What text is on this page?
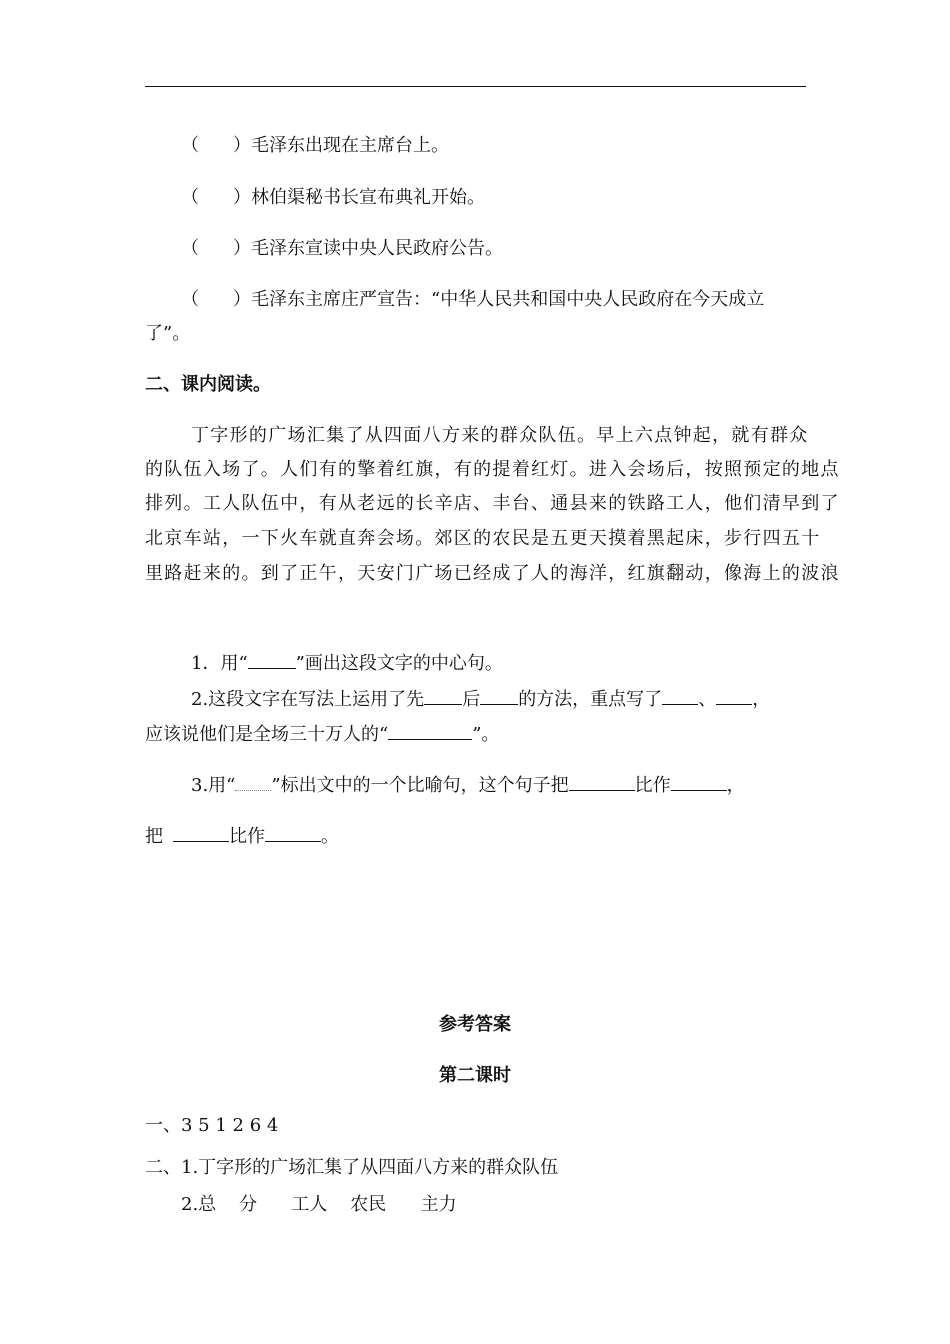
（ ）毛泽东出现在主席台上。
（ ）林伯渠秘书长宣布典礼开始。
（ ）毛泽东宣读中央人民政府公告。
（ ）毛泽东主席庄严宣告：“中华人民共和国中央人民政府在今天成立
了”。
二、课内阅读。
丁字形的广场汇集了从四面八方来的群众队伍。早上六点钟起，就有群众
的队伍入场了。人们有的擎着红旗，有的提着红灯。进入会场后，按照预定的地点
排列。工人队伍中，有从老远的长辛店、丰台、通县来的铁路工人，他们清早到了
北京车站，一下火车就直奔会场。郊区的农民是五更天摸着黑起床，步行四五十
里路赶来的。到了正午，天安门广场已经成了人的海洋，红旗翻动，像海上的波浪
1．用“	”画出这段文字的中心句。
2.这段文字在写法上运用了先 后 的方法，重点写了 、 ，
应该说他们是全场三十万人的“	”。
3.用“ ”标出文中的一个比喻句，这个句子把	比作	，
把	比作	。
参考答案
第二课时
一、3 5 1 2 6 4
二、1.丁字形的广场汇集了从四面八方来的群众队伍
2.总    分      工人    农民      主力
